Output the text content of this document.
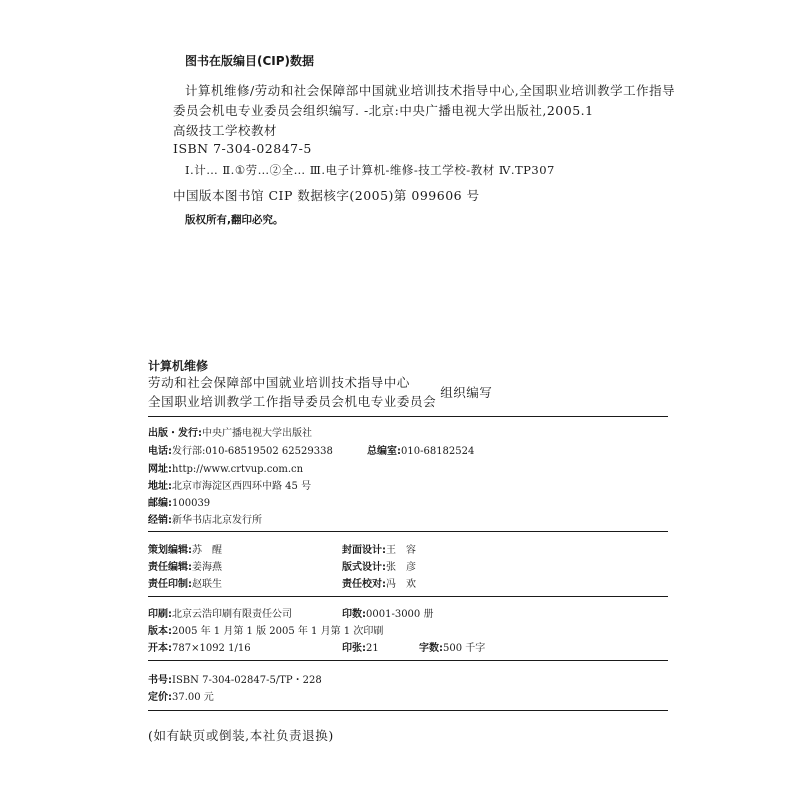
图书在版编目(CIP)数据
计算机维修/劳动和社会保障部中国就业培训技术指导中心,全国职业培训教学工作指导
委员会机电专业委员会组织编写. -北京:中央广播电视大学出版社,2005.1
高级技工学校教材
ISBN 7-304-02847-5
Ⅰ.计… Ⅱ.①劳…②全… Ⅲ.电子计算机-维修-技工学校-教材 Ⅳ.TP307
中国版本图书馆 CIP 数据核字(2005)第 099606 号
版权所有,翻印必究。
计算机维修
劳动和社会保障部中国就业培训技术指导中心
全国职业培训教学工作指导委员会机电专业委员会
组织编写
出版・发行:中央广播电视大学出版社
电话:发行部:010-68519502 62529338	总编室:010-68182524
网址:http://www.crtvup.com.cn
地址:北京市海淀区西四环中路 45 号
邮编:100039
经销:新华书店北京发行所
策划编辑:苏　醒	封面设计:王　容
责任编辑:姜海燕	版式设计:张　彦
责任印制:赵联生	责任校对:冯　欢
印刷:北京云浩印刷有限责任公司	印数:0001-3000 册
版本:2005 年 1 月第 1 版 2005 年 1 月第 1 次印刷
开本:787×1092 1/16	印张:21	字数:500 千字
书号:ISBN 7-304-02847-5/TP・228
定价:37.00 元
(如有缺页或倒装,本社负责退换)
